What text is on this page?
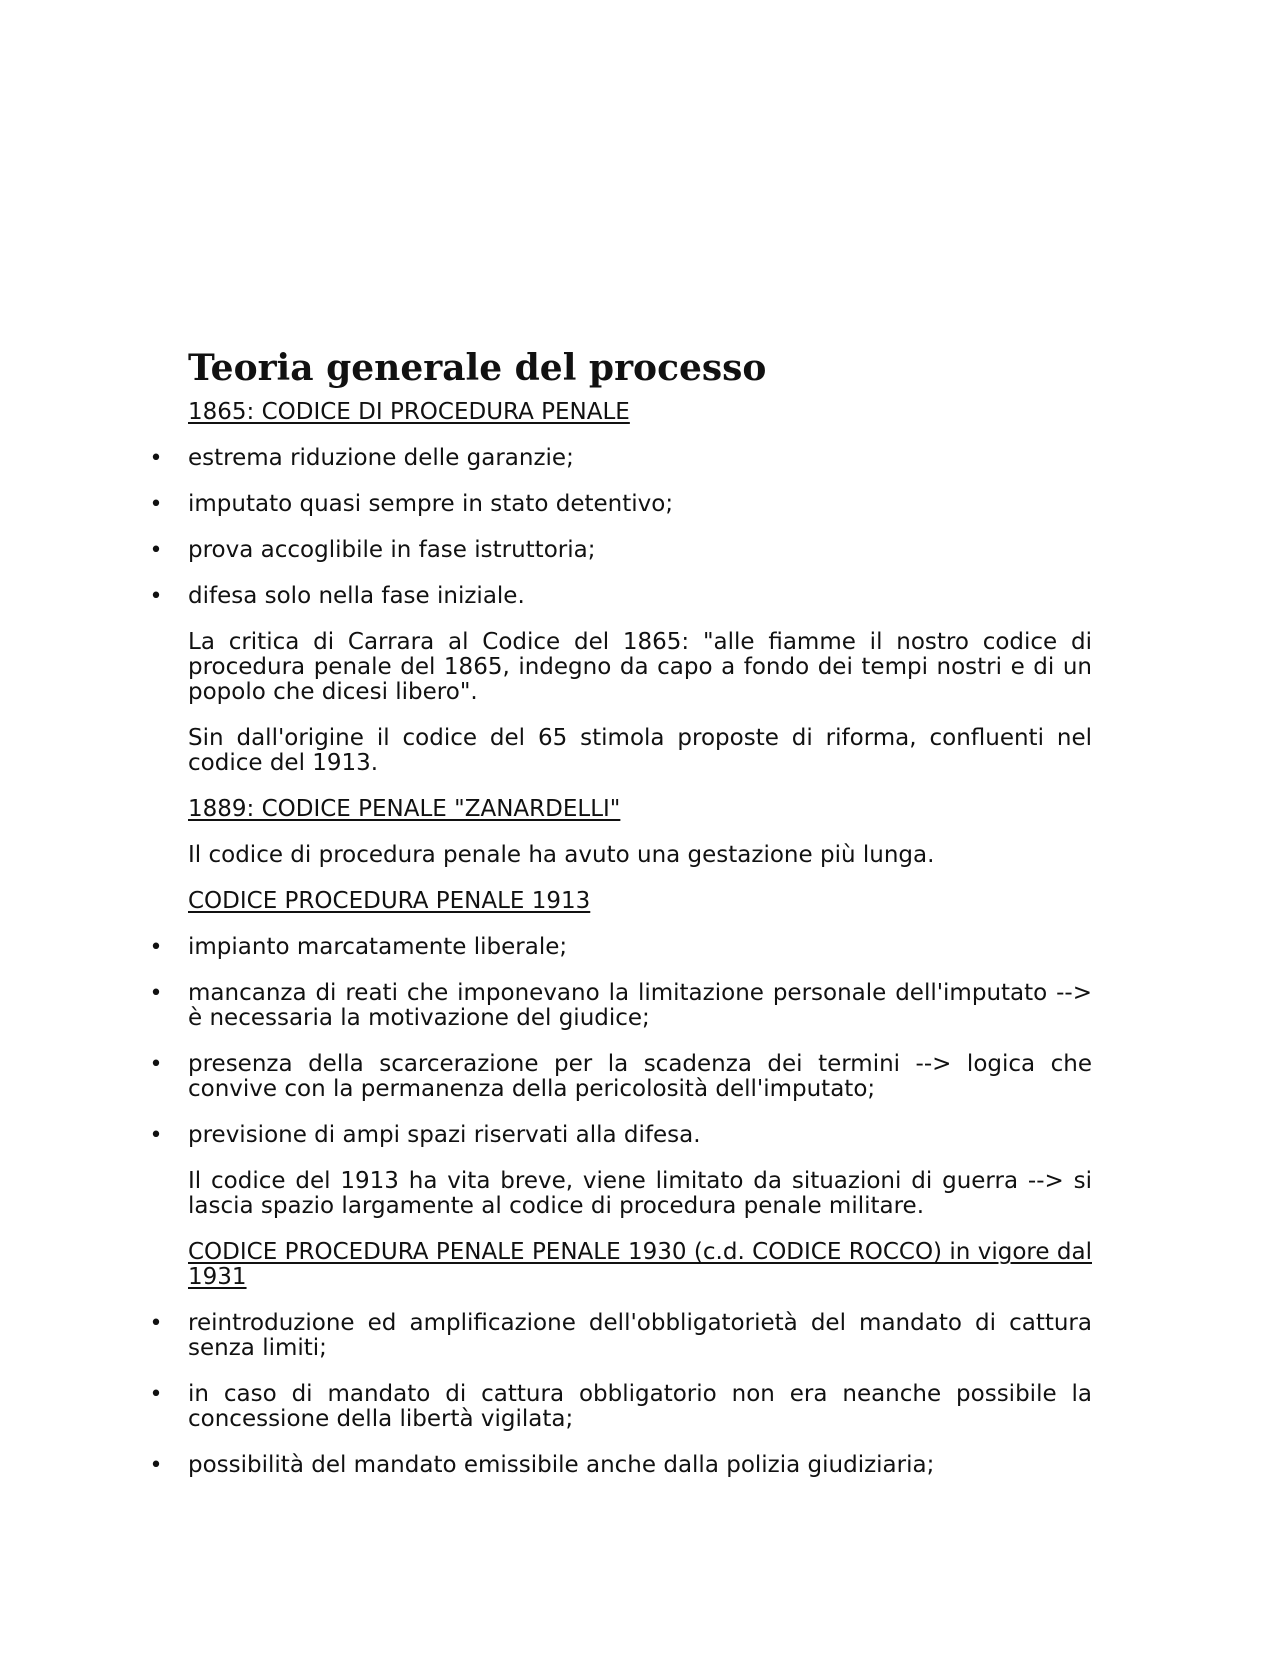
Teoria generale del processo
1865: CODICE DI PROCEDURA PENALE
• estrema riduzione delle garanzie;
• imputato quasi sempre in stato detentivo;
• prova accoglibile in fase istruttoria;
• difesa solo nella fase iniziale.
La critica di Carrara al Codice del 1865: "alle fiamme il nostro codice di procedura penale del 1865, indegno da capo a fondo dei tempi nostri e di un popolo che dicesi libero".
Sin dall'origine il codice del 65 stimola proposte di riforma, confluenti nel codice del 1913.
1889: CODICE PENALE "ZANARDELLI"
Il codice di procedura penale ha avuto una gestazione più lunga.
CODICE PROCEDURA PENALE 1913
• impianto marcatamente liberale;
• mancanza di reati che imponevano la limitazione personale dell'imputato --> è necessaria la motivazione del giudice;
• presenza della scarcerazione per la scadenza dei termini --> logica che convive con la permanenza della pericolosità dell'imputato;
• previsione di ampi spazi riservati alla difesa.
Il codice del 1913 ha vita breve, viene limitato da situazioni di guerra --> si lascia spazio largamente al codice di procedura penale militare.
CODICE PROCEDURA PENALE PENALE 1930 (c.d. CODICE ROCCO) in vigore dal 1931
• reintroduzione ed amplificazione dell'obbligatorietà del mandato di cattura senza limiti;
• in caso di mandato di cattura obbligatorio non era neanche possibile la concessione della libertà vigilata;
• possibilità del mandato emissibile anche dalla polizia giudiziaria;
